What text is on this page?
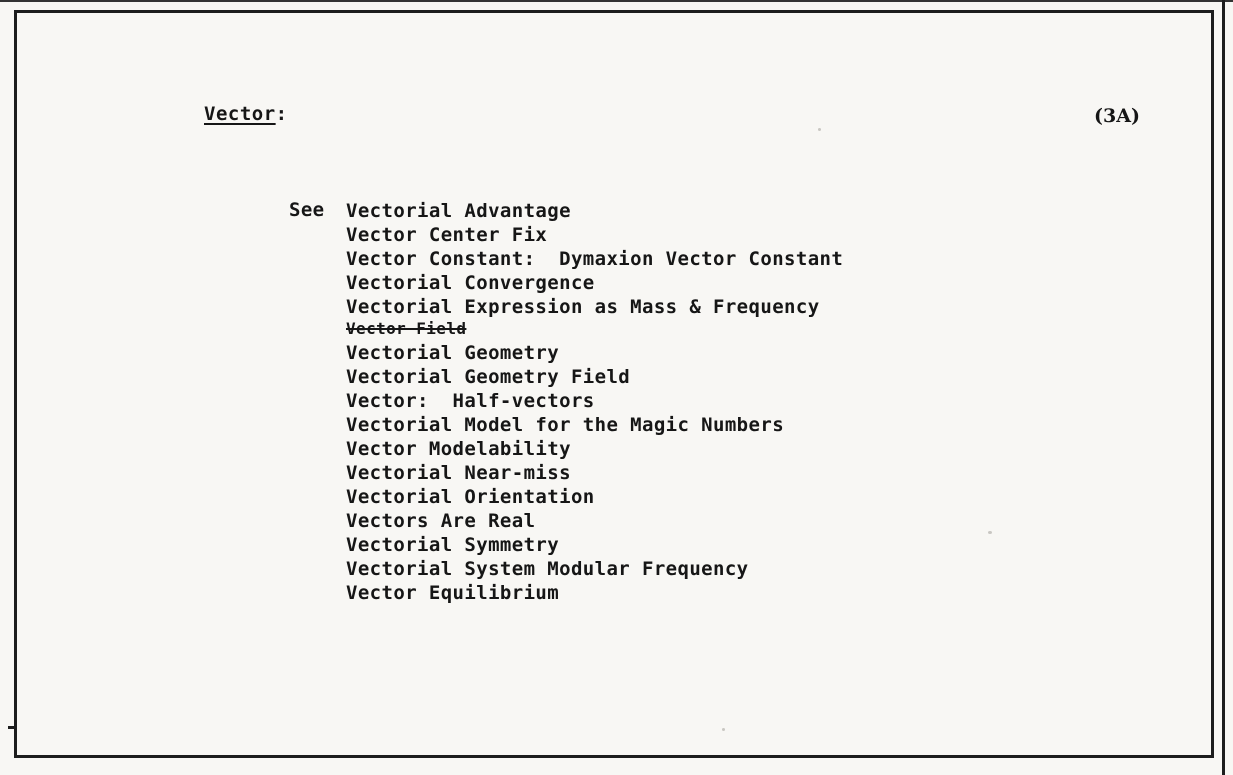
Vector:	(3A)
See Vectorial Advantage
Vector Center Fix
Vector Constant:  Dymaxion Vector Constant
Vectorial Convergence
Vectorial Expression as Mass & Frequency
Vector Field
Vectorial Geometry
Vectorial Geometry Field
Vector:  Half-vectors
Vectorial Model for the Magic Numbers
Vector Modelability
Vectorial Near-miss
Vectorial Orientation
Vectors Are Real
Vectorial Symmetry
Vectorial System Modular Frequency
Vector Equilibrium
